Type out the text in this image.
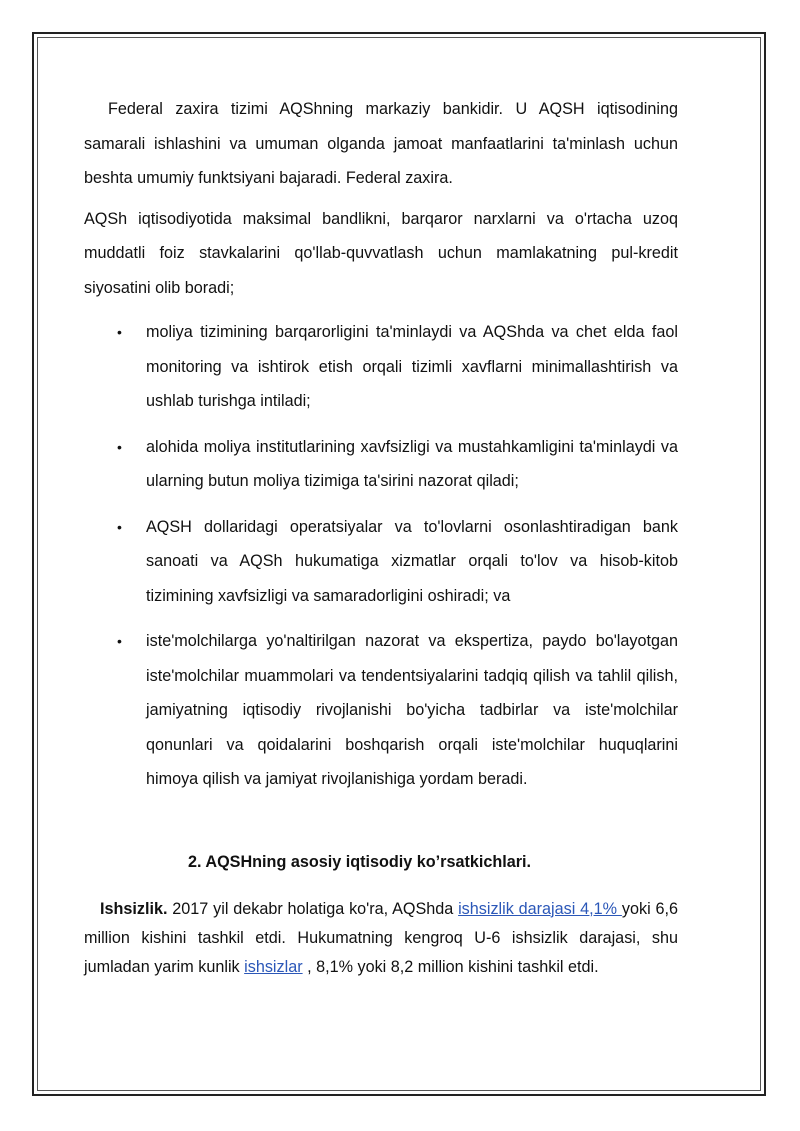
Federal zaxira tizimi AQShning markaziy bankidir. U AQSH iqtisodining samarali ishlashini va umuman olganda jamoat manfaatlarini ta'minlash uchun beshta umumiy funktsiyani bajaradi. Federal zaxira.

AQSh iqtisodiyotida maksimal bandlikni, barqaror narxlarni va o'rtacha uzoq muddatli foiz stavkalarini qo'llab-quvvatlash uchun mamlakatning pul-kredit siyosatini olib boradi;

• moliya tizimining barqarorligini ta'minlaydi va AQShda va chet elda faol monitoring va ishtirok etish orqali tizimli xavflarni minimallashtirish va ushlab turishga intiladi;
• alohida moliya institutlarining xavfsizligi va mustahkamligini ta'minlaydi va ularning butun moliya tizimiga ta'sirini nazorat qiladi;
• AQSH dollaridagi operatsiyalar va to'lovlarni osonlashtiradigan bank sanoati va AQSh hukumatiga xizmatlar orqali to'lov va hisob-kitob tizimining xavfsizligi va samaradorligini oshiradi; va
• iste'molchilarga yo'naltirilgan nazorat va ekspertiza, paydo bo'layotgan iste'molchilar muammolari va tendentsiyalarini tadqiq qilish va tahlil qilish, jamiyatning iqtisodiy rivojlanishi bo'yicha tadbirlar va iste'molchilar qonunlari va qoidalarini boshqarish orqali iste'molchilar huquqlarini himoya qilish va jamiyat rivojlanishiga yordam beradi.

2. AQSHning asosiy iqtisodiy ko’rsatkichlari.

Ishsizlik. 2017 yil dekabr holatiga ko'ra, AQShda ishsizlik darajasi 4,1% yoki 6,6 million kishini tashkil etdi. Hukumatning kengroq U-6 ishsizlik darajasi, shu jumladan yarim kunlik ishsizlar , 8,1% yoki 8,2 million kishini tashkil etdi.
